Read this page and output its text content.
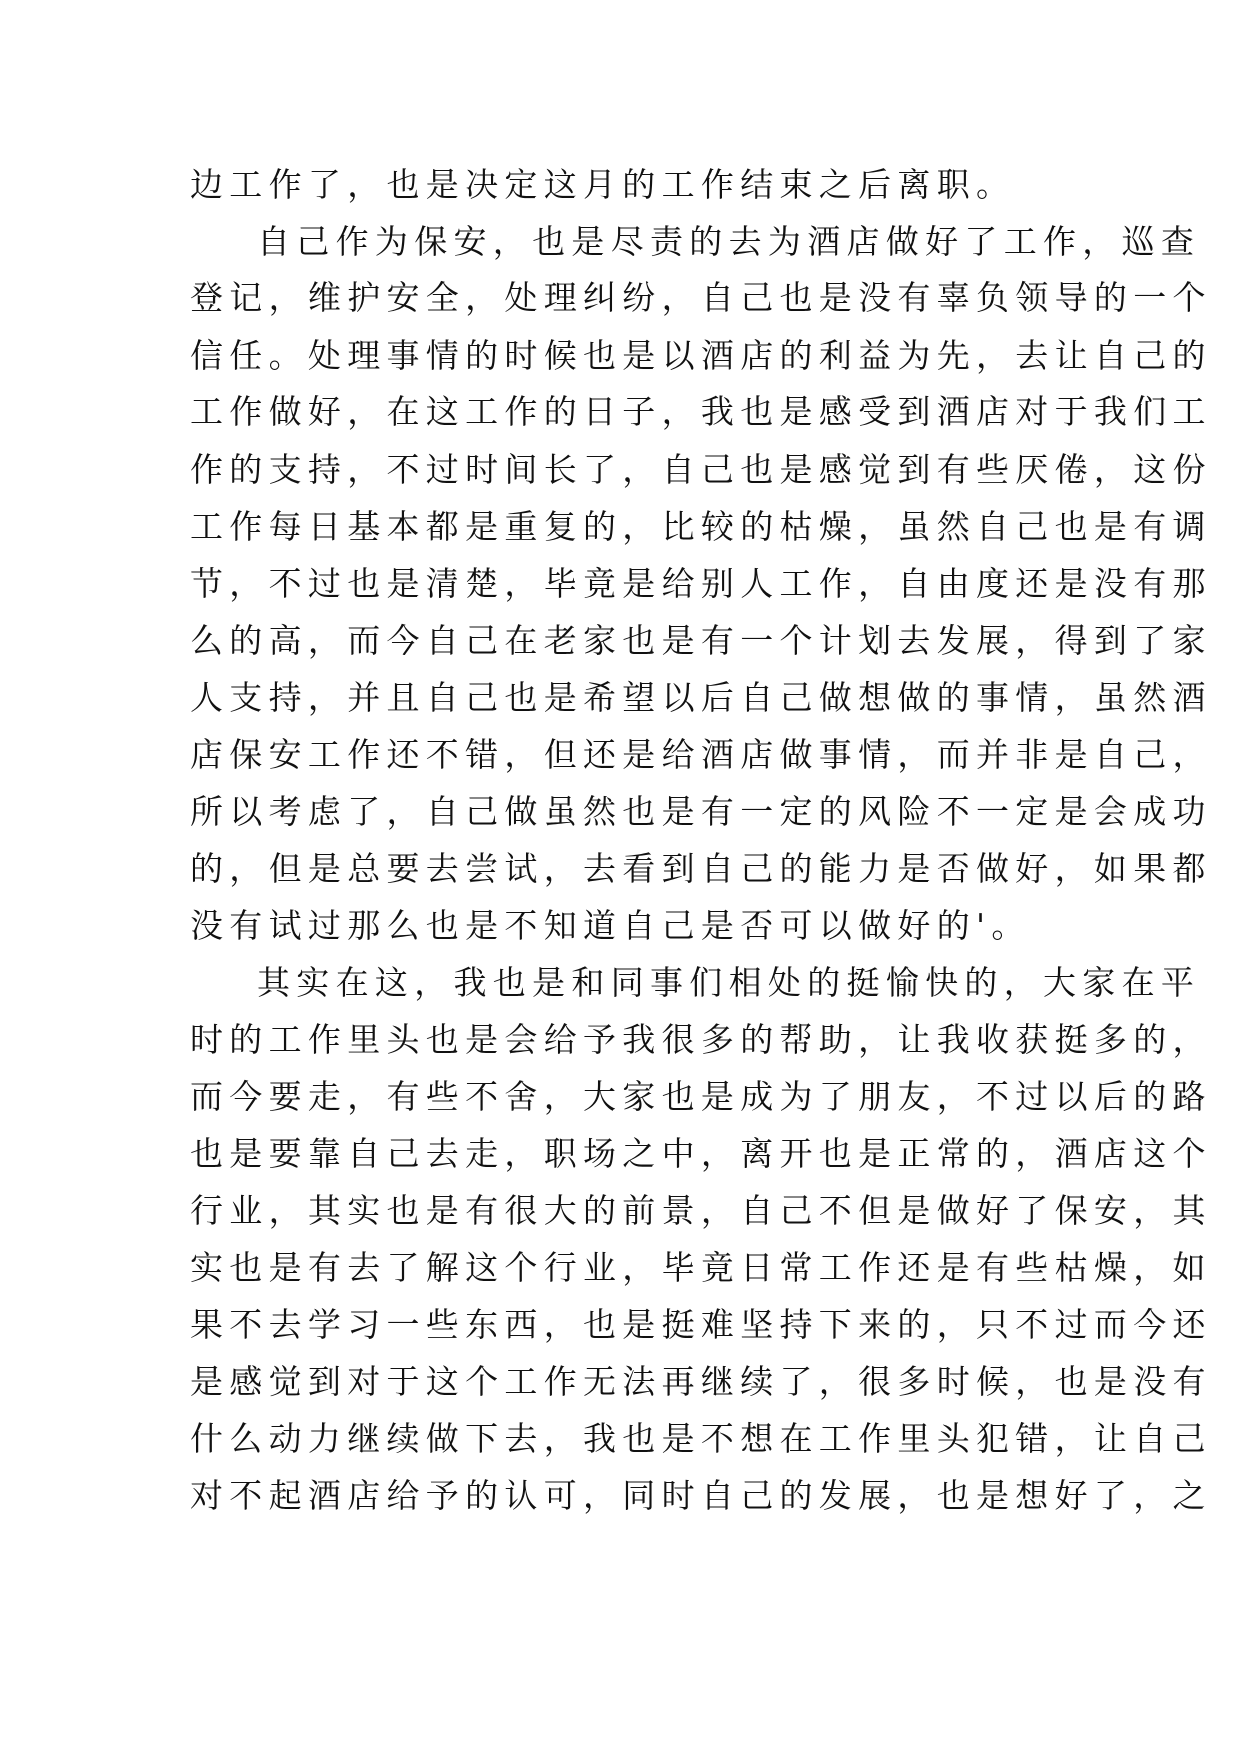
边工作了，也是决定这月的工作结束之后离职。
自己作为保安，也是尽责的去为酒店做好了工作，巡查
登记，维护安全，处理纠纷，自己也是没有辜负领导的一个
信任。处理事情的时候也是以酒店的利益为先，去让自己的
工作做好，在这工作的日子，我也是感受到酒店对于我们工
作的支持，不过时间长了，自己也是感觉到有些厌倦，这份
工作每日基本都是重复的，比较的枯燥，虽然自己也是有调
节，不过也是清楚，毕竟是给别人工作，自由度还是没有那
么的高，而今自己在老家也是有一个计划去发展，得到了家
人支持，并且自己也是希望以后自己做想做的事情，虽然酒
店保安工作还不错，但还是给酒店做事情，而并非是自己，
所以考虑了，自己做虽然也是有一定的风险不一定是会成功
的，但是总要去尝试，去看到自己的能力是否做好，如果都
没有试过那么也是不知道自己是否可以做好的'。
其实在这，我也是和同事们相处的挺愉快的，大家在平
时的工作里头也是会给予我很多的帮助，让我收获挺多的，
而今要走，有些不舍，大家也是成为了朋友，不过以后的路
也是要靠自己去走，职场之中，离开也是正常的，酒店这个
行业，其实也是有很大的前景，自己不但是做好了保安，其
实也是有去了解这个行业，毕竟日常工作还是有些枯燥，如
果不去学习一些东西，也是挺难坚持下来的，只不过而今还
是感觉到对于这个工作无法再继续了，很多时候，也是没有
什么动力继续做下去，我也是不想在工作里头犯错，让自己
对不起酒店给予的认可，同时自己的发展，也是想好了，之
